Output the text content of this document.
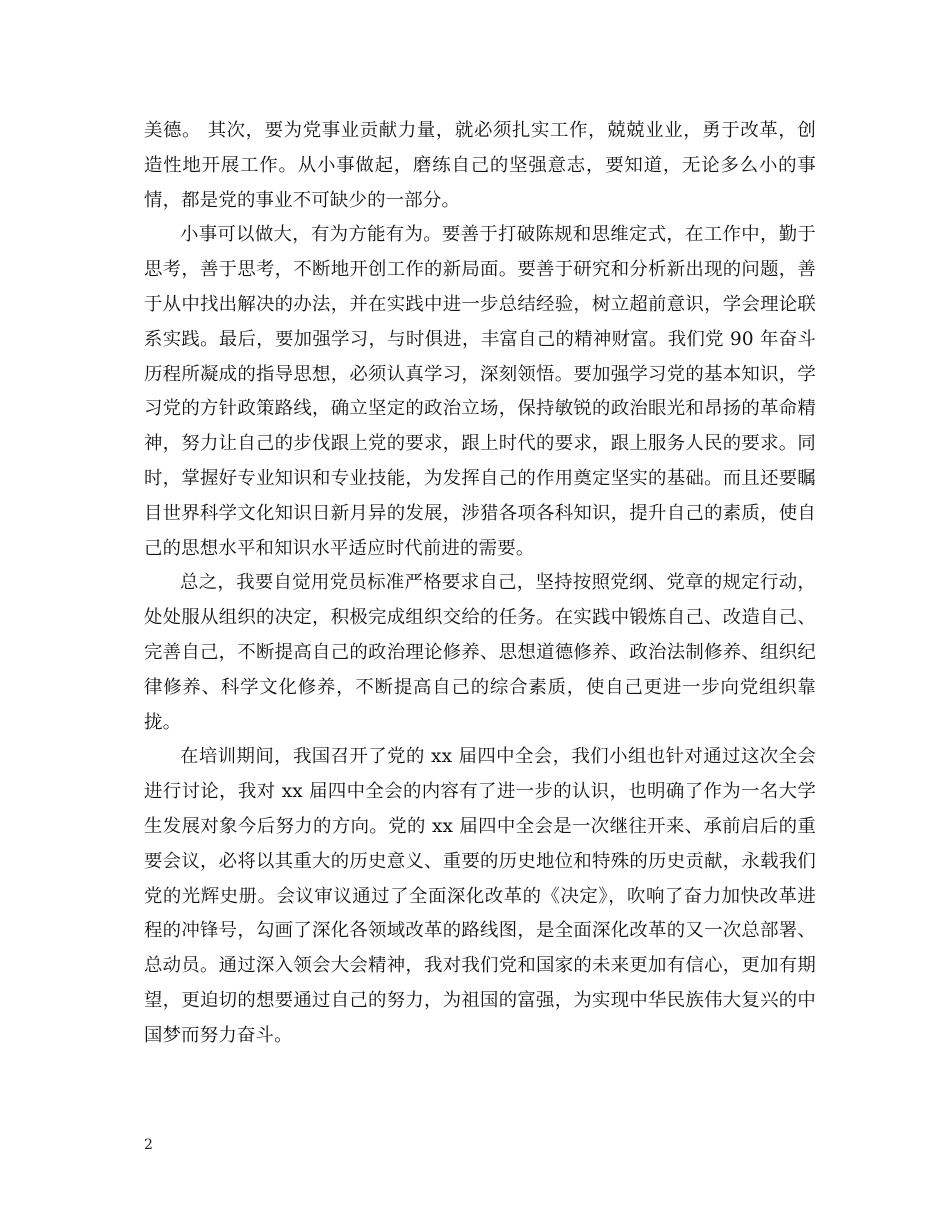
美德。 其次，要为党事业贡献力量，就必须扎实工作，兢兢业业，勇于改革，创造性地开展工作。从小事做起，磨练自己的坚强意志，要知道，无论多么小的事情，都是党的事业不可缺少的一部分。

小事可以做大，有为方能有为。要善于打破陈规和思维定式，在工作中，勤于思考，善于思考，不断地开创工作的新局面。要善于研究和分析新出现的问题，善于从中找出解决的办法，并在实践中进一步总结经验，树立超前意识，学会理论联系实践。最后，要加强学习，与时俱进，丰富自己的精神财富。我们党 90 年奋斗历程所凝成的指导思想，必须认真学习，深刻领悟。要加强学习党的基本知识，学习党的方针政策路线，确立坚定的政治立场，保持敏锐的政治眼光和昂扬的革命精神，努力让自己的步伐跟上党的要求，跟上时代的要求，跟上服务人民的要求。同时，掌握好专业知识和专业技能，为发挥自己的作用奠定坚实的基础。而且还要瞩目世界科学文化知识日新月异的发展，涉猎各项各科知识，提升自己的素质，使自己的思想水平和知识水平适应时代前进的需要。

总之，我要自觉用党员标准严格要求自己，坚持按照党纲、党章的规定行动，处处服从组织的决定，积极完成组织交给的任务。在实践中锻炼自己、改造自己、完善自己，不断提高自己的政治理论修养、思想道德修养、政治法制修养、组织纪律修养、科学文化修养，不断提高自己的综合素质，使自己更进一步向党组织靠拢。

在培训期间，我国召开了党的 xx 届四中全会，我们小组也针对通过这次全会进行讨论，我对 xx 届四中全会的内容有了进一步的认识，也明确了作为一名大学生发展对象今后努力的方向。党的 xx 届四中全会是一次继往开来、承前启后的重要会议，必将以其重大的历史意义、重要的历史地位和特殊的历史贡献，永载我们党的光辉史册。会议审议通过了全面深化改革的《决定》，吹响了奋力加快改革进程的冲锋号，勾画了深化各领域改革的路线图，是全面深化改革的又一次总部署、总动员。通过深入领会大会精神，我对我们党和国家的未来更加有信心，更加有期望，更迫切的想要通过自己的努力，为祖国的富强，为实现中华民族伟大复兴的中国梦而努力奋斗。

2
